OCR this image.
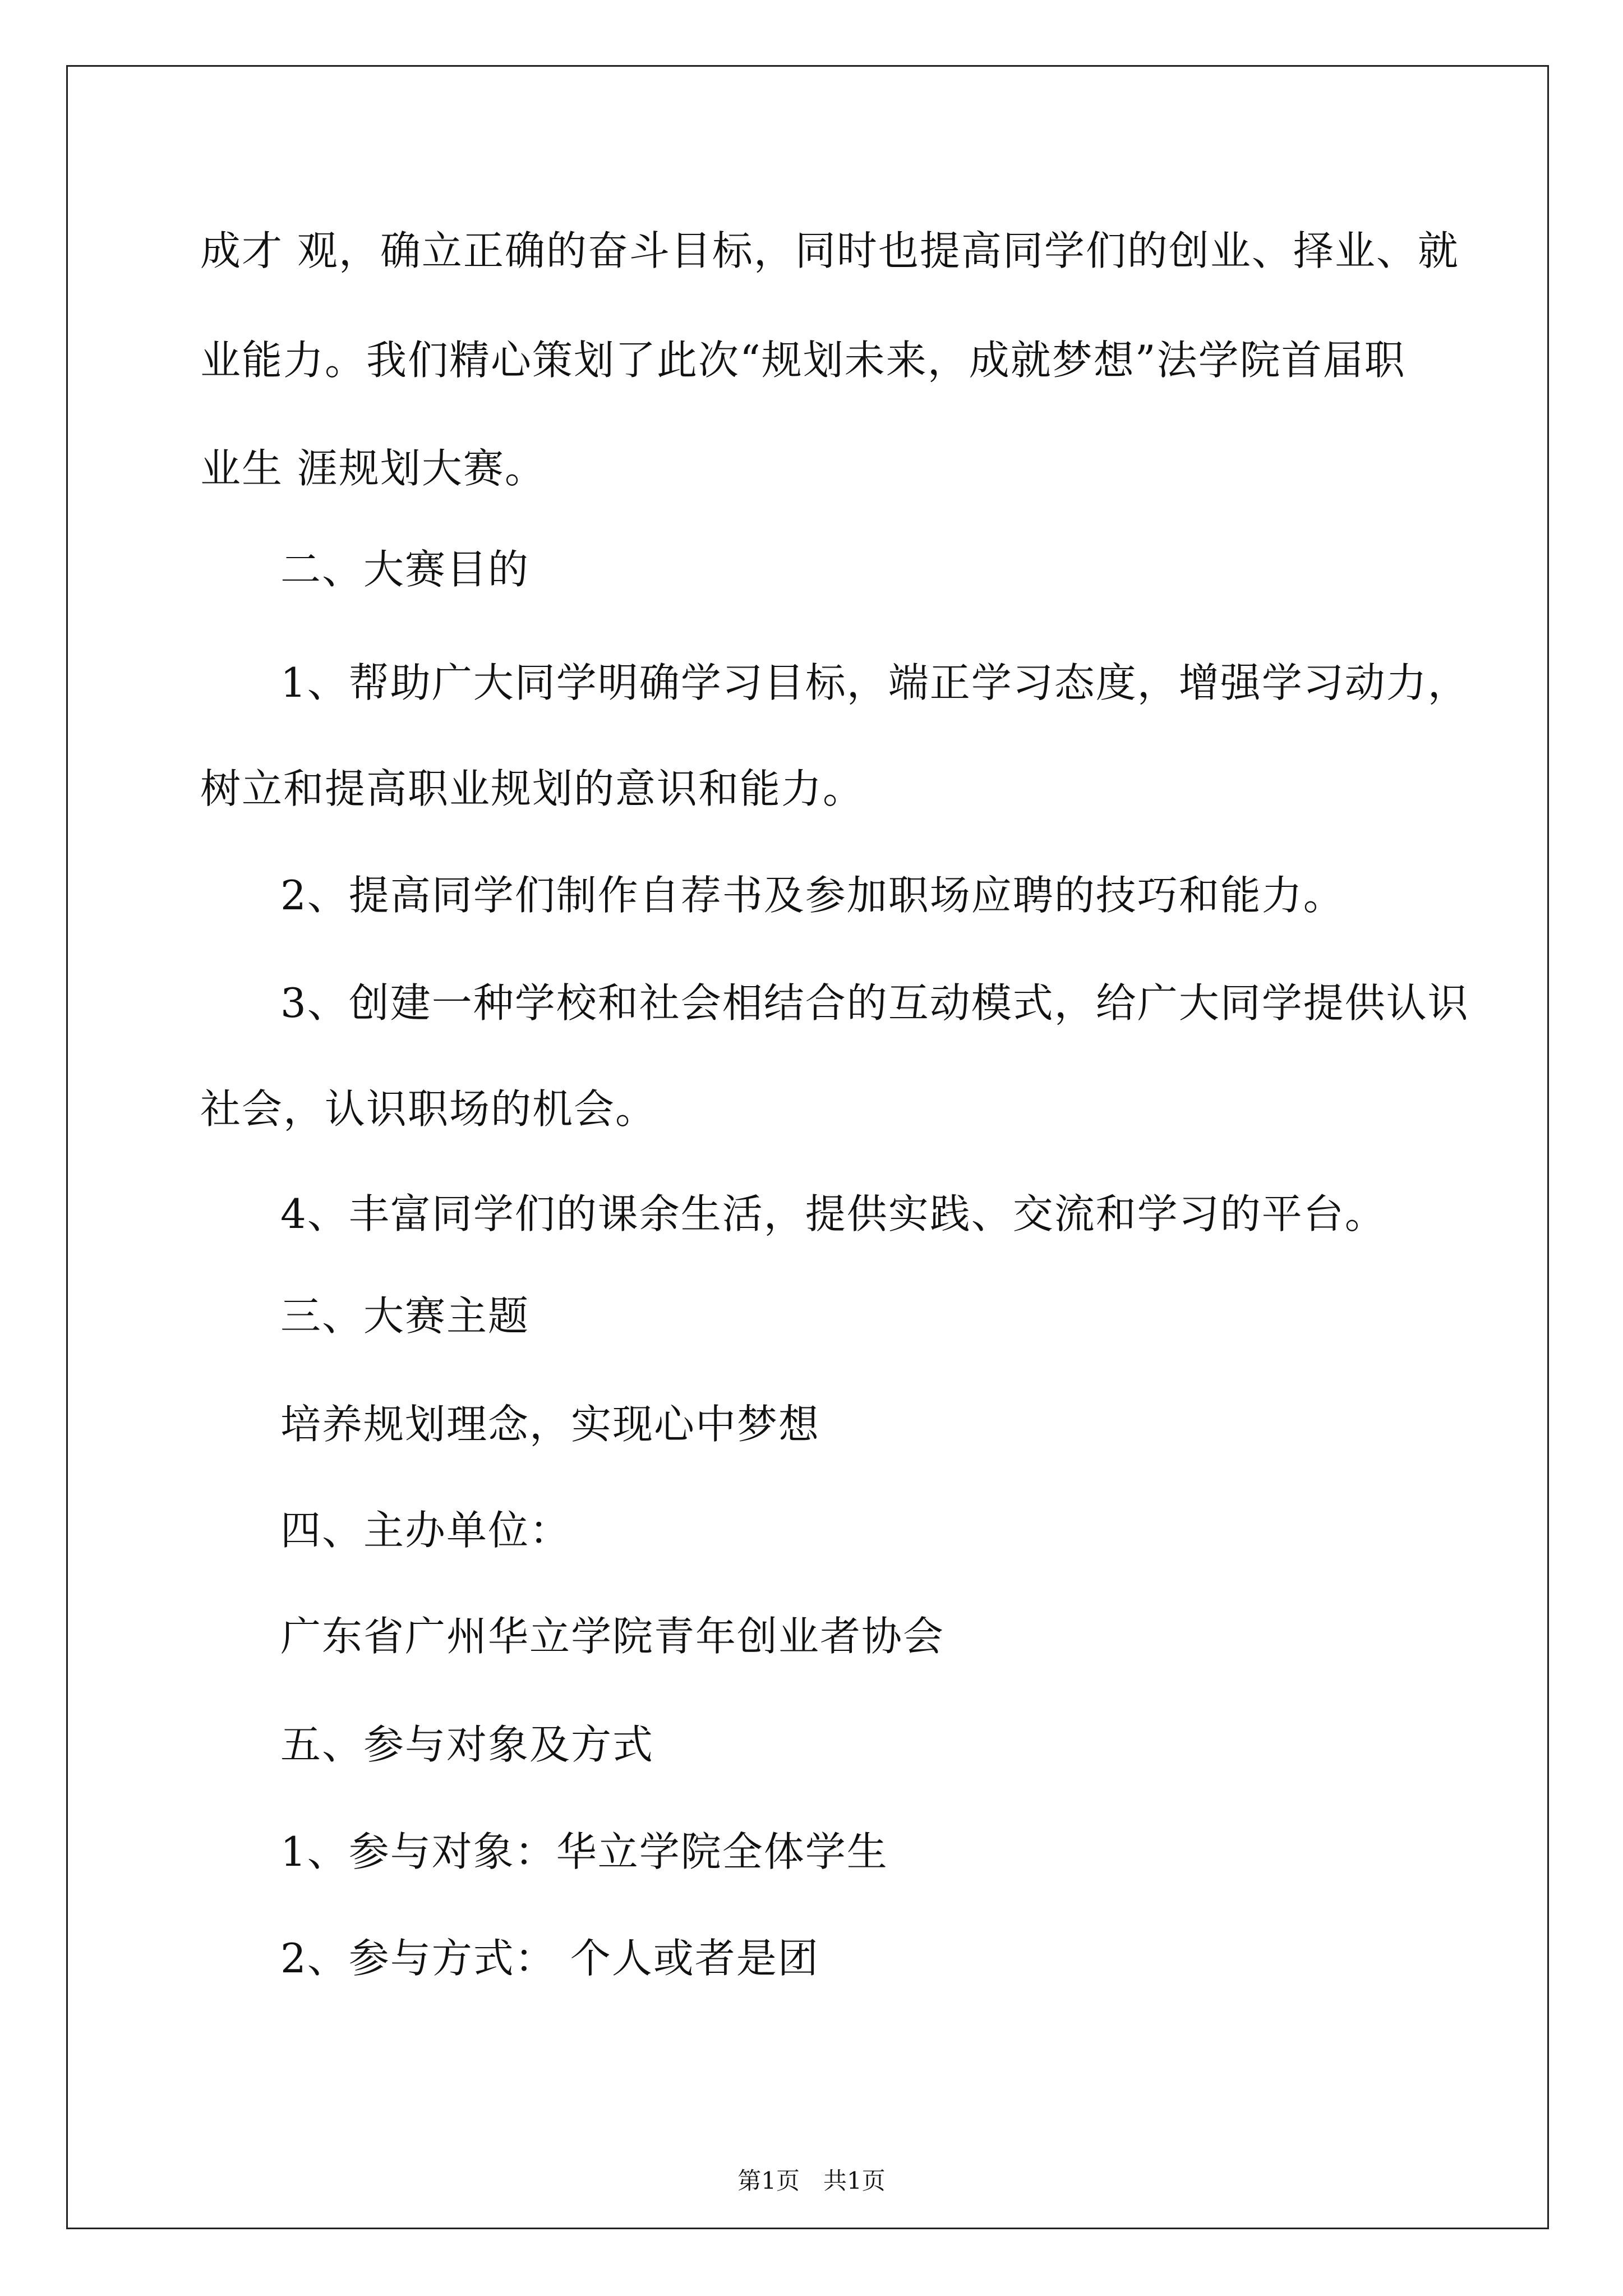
成才 观，确立正确的奋斗目标，同时也提高同学们的创业、择业、就
业能力。我们精心策划了此次“规划未来，成就梦想”法学院首届职
业生 涯规划大赛。
二、大赛目的
1、帮助广大同学明确学习目标，端正学习态度，增强学习动力，
树立和提高职业规划的意识和能力。
2、提高同学们制作自荐书及参加职场应聘的技巧和能力。
3、创建一种学校和社会相结合的互动模式，给广大同学提供认识
社会，认识职场的机会。
4、丰富同学们的课余生活，提供实践、交流和学习的平台。
三、大赛主题
培养规划理念，实现心中梦想
四、主办单位：
广东省广州华立学院青年创业者协会
五、参与对象及方式
1、参与对象：华立学院全体学生
2、参与方式： 个人或者是团
第1页　共1页
